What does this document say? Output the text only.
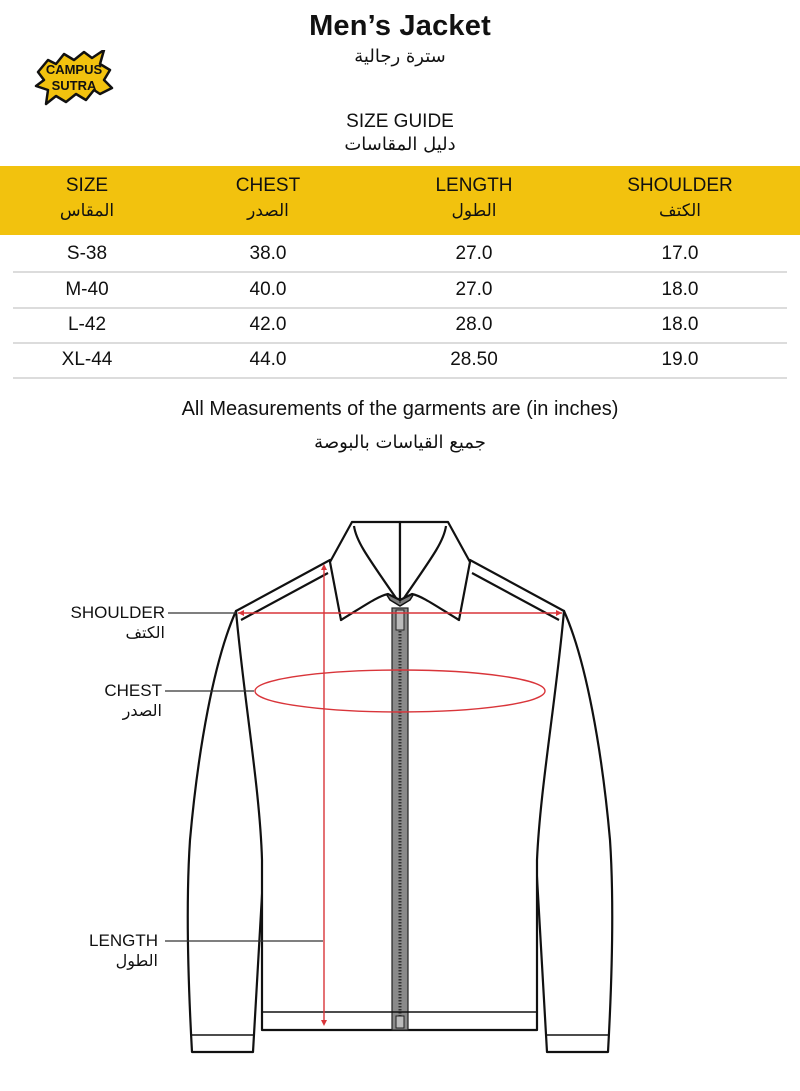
Men’s Jacket
سترة رجالية
CAMPUS
SUTRA
SIZE GUIDE
دليل المقاسات
SIZE
المقاس
CHEST
الصدر
LENGTH
الطول
SHOULDER
الكتف
S-38	38.0	27.0	17.0
M-40	40.0	27.0	18.0
L-42	42.0	28.0	18.0
XL-44	44.0	28.50	19.0
All Measurements of the garments are (in inches)
جميع القياسات بالبوصة
SHOULDER
الكتف
CHEST
الصدر
LENGTH
الطول
